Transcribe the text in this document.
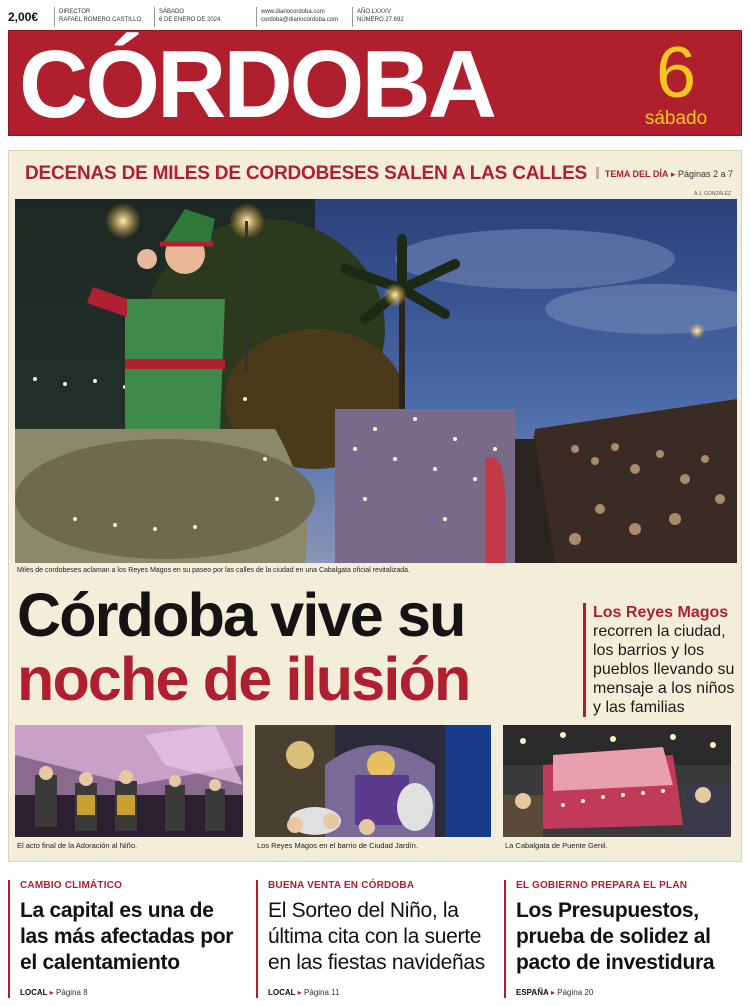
2,00€	DIRECTOR
RAFAEL ROMERO CASTILLO
SÁBADO
6 DE ENERO DE 2024
www.diariocordoba.com
cordoba@diariocordoba.com
AÑO LXXXV
NÚMERO 27.692
CÓRDOBA 6
sábado
DECENAS DE MILES DE CORDOBESES SALEN A LAS CALLES	TEMA DEL DÍA ▸ Páginas 2 a 7
A.J. GONZÁLEZ
Miles de cordobeses aclaman a los Reyes Magos en su paseo por las calles de la ciudad en una Cabalgata oficial revitalizada.
Córdoba vive su
noche de ilusión
Los Reyes Magos
recorren la ciudad, los barrios y los pueblos llevando su mensaje a los niños y las familias
El acto final de la Adoración al Niño.	Los Reyes Magos en el barrio de Ciudad Jardín.	La Cabalgata de Puente Genil.
CAMBIO CLIMÁTICO
La capital es una de las más afectadas por el calentamiento
LOCAL ▸ Página 8
BUENA VENTA EN CÓRDOBA
El Sorteo del Niño, la última cita con la suerte en las fiestas navideñas
LOCAL ▸ Página 11
EL GOBIERNO PREPARA EL PLAN
Los Presupuestos, prueba de solidez al pacto de investidura
ESPAÑA ▸ Página 20
